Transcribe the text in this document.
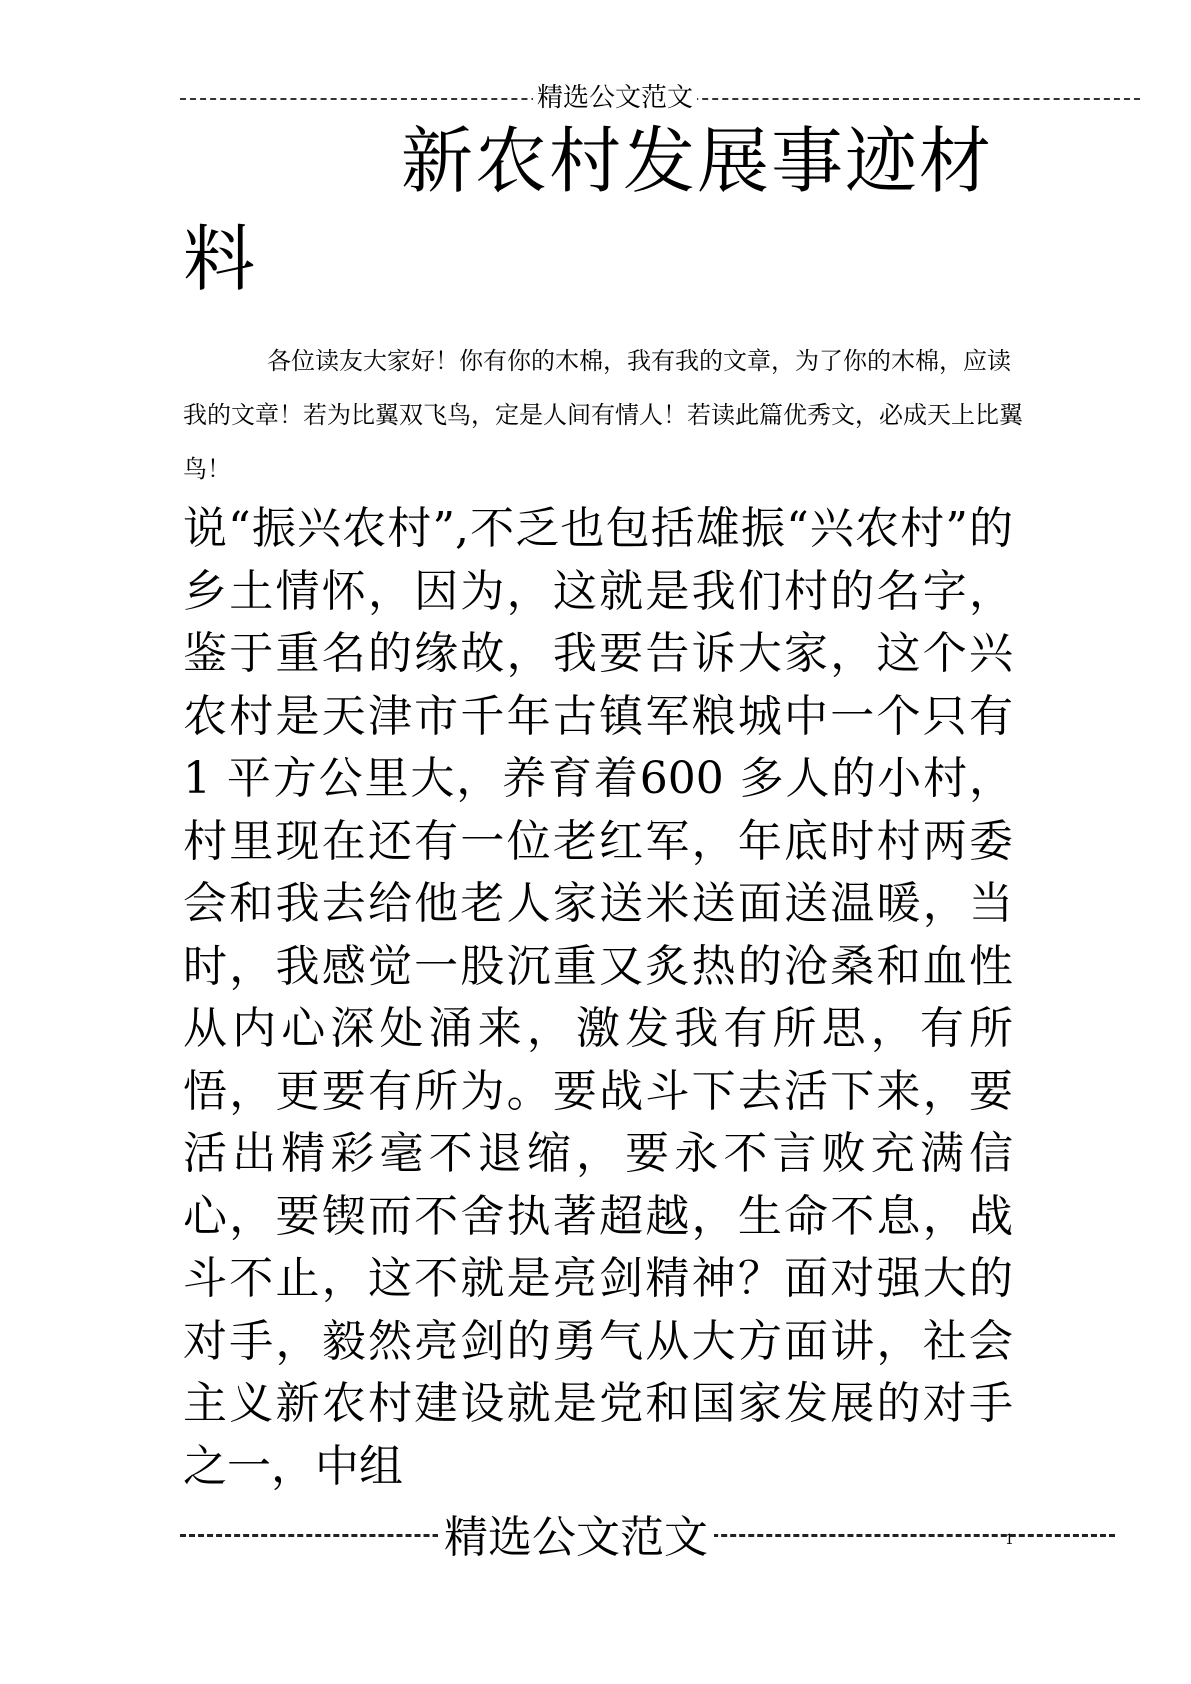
精选公文范文
新农村发展事迹材料

各位读友大家好！你有你的木棉，我有我的文章，为了你的木棉，应读我的文章！若为比翼双飞鸟，定是人间有情人！若读此篇优秀文，必成天上比翼鸟！

说“振兴农村”,不乏也包括雄振“兴农村”的乡土情怀，因为，这就是我们村的名字，鉴于重名的缘故，我要告诉大家，这个兴农村是天津市千年古镇军粮城中一个只有 1 平方公里大，养育着600 多人的小村，村里现在还有一位老红军，年底时村两委会和我去给他老人家送米送面送温暖，当时，我感觉一股沉重又炙热的沧桑和血性从内心深处涌来，激发我有所思，有所悟，更要有所为。要战斗下去活下来，要活出精彩毫不退缩，要永不言败充满信心，要锲而不舍执著超越，生命不息，战斗不止，这不就是亮剑精神？面对强大的对手，毅然亮剑的勇气从大方面讲，社会主义新农村建设就是党和国家发展的对手之一，中组

精选公文范文	1
